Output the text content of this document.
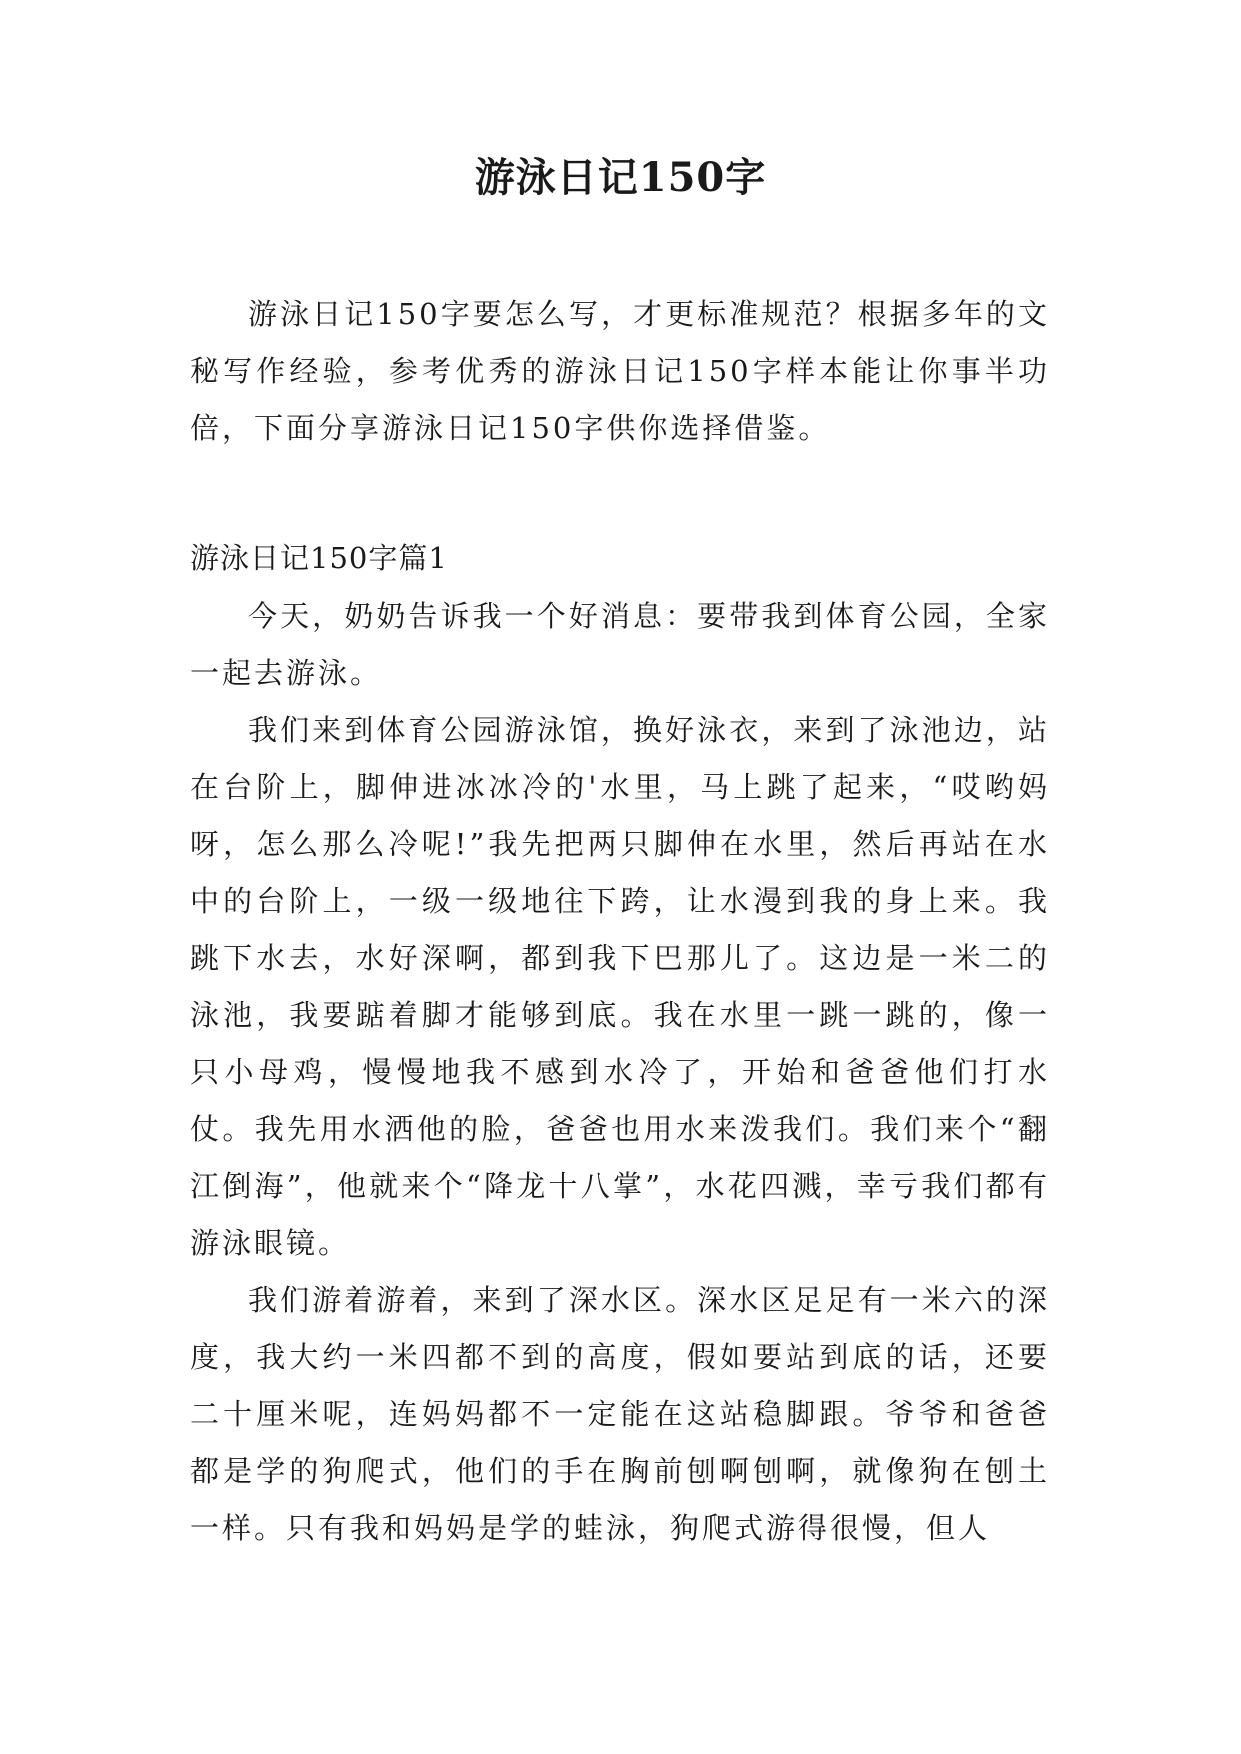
游泳日记150字

游泳日记150字要怎么写，才更标准规范？根据多年的文秘写作经验，参考优秀的游泳日记150字样本能让你事半功倍，下面分享游泳日记150字供你选择借鉴。

游泳日记150字篇1

今天，奶奶告诉我一个好消息：要带我到体育公园，全家一起去游泳。

我们来到体育公园游泳馆，换好泳衣，来到了泳池边，站在台阶上，脚伸进冰冰冷的'水里，马上跳了起来，“哎哟妈呀，怎么那么冷呢!”我先把两只脚伸在水里，然后再站在水中的台阶上，一级一级地往下跨，让水漫到我的身上来。我跳下水去，水好深啊，都到我下巴那儿了。这边是一米二的泳池，我要踮着脚才能够到底。我在水里一跳一跳的，像一只小母鸡，慢慢地我不感到水冷了，开始和爸爸他们打水仗。我先用水洒他的脸，爸爸也用水来泼我们。我们来个“翻江倒海”，他就来个“降龙十八掌”，水花四溅，幸亏我们都有游泳眼镜。

我们游着游着，来到了深水区。深水区足足有一米六的深度，我大约一米四都不到的高度，假如要站到底的话，还要二十厘米呢，连妈妈都不一定能在这站稳脚跟。爷爷和爸爸都是学的狗爬式，他们的手在胸前刨啊刨啊，就像狗在刨土一样。只有我和妈妈是学的蛙泳，狗爬式游得很慢，但人
